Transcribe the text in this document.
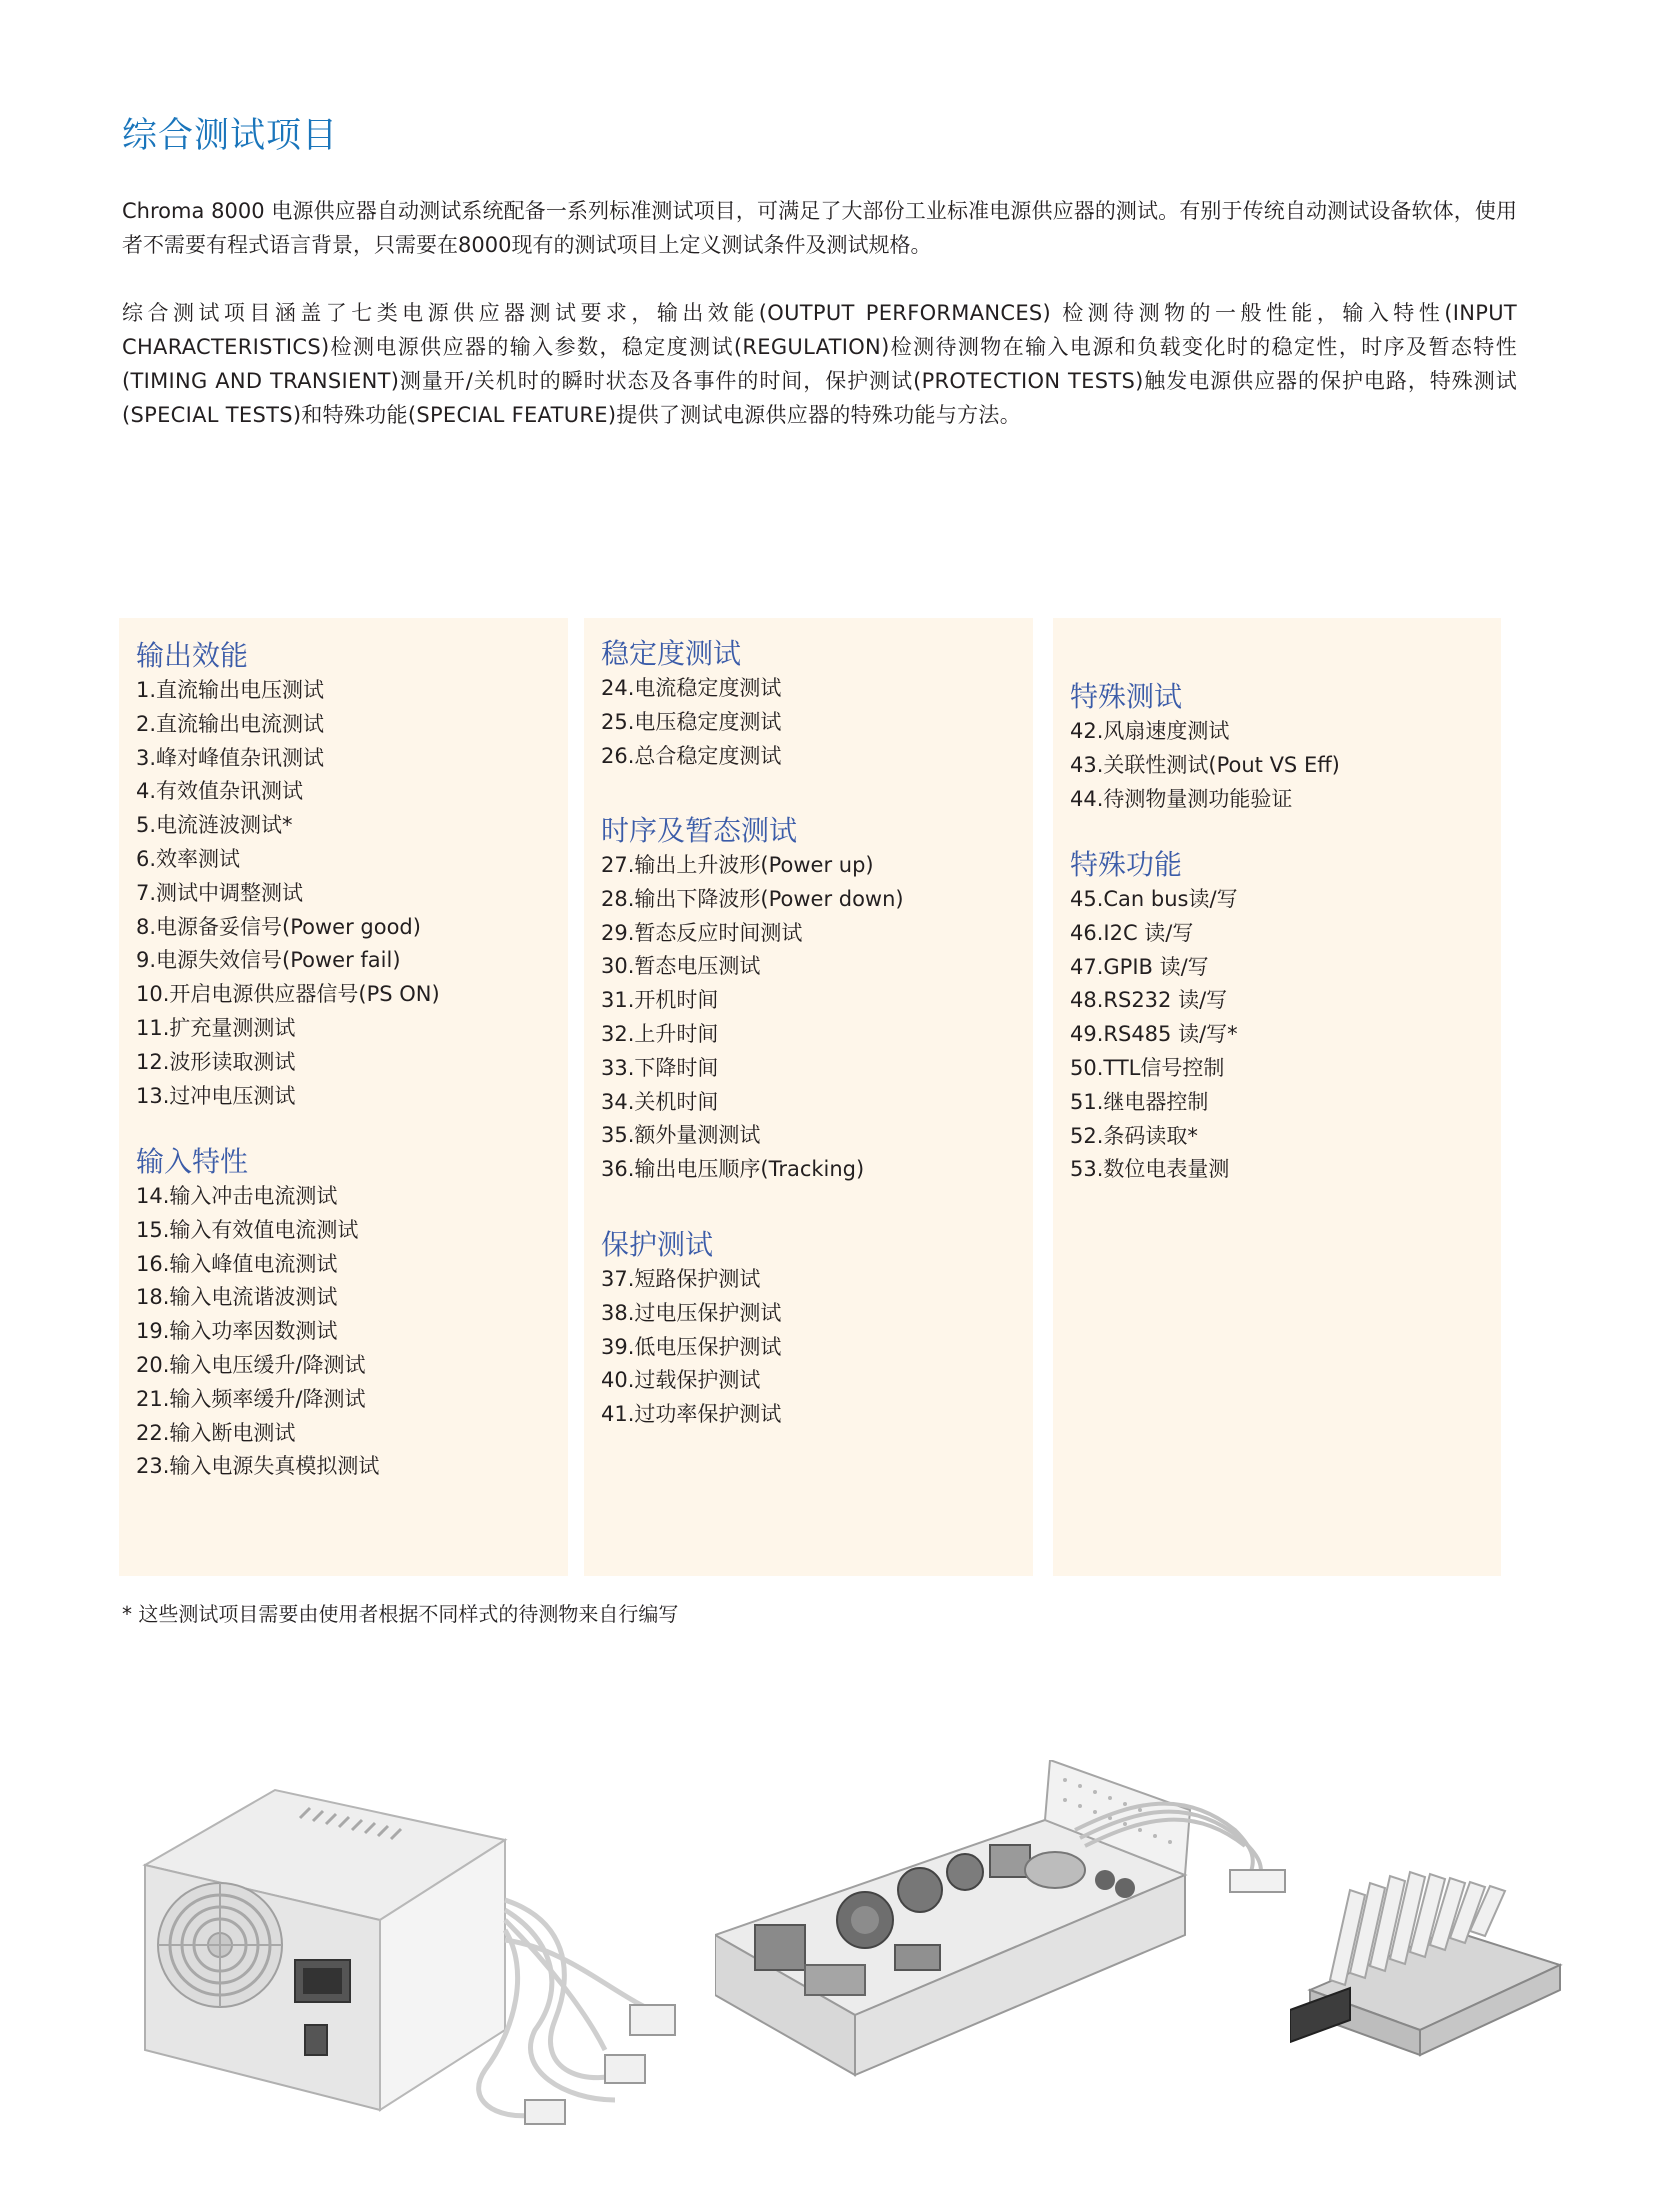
综合测试项目

Chroma 8000 电源供应器自动测试系统配备一系列标准测试项目，可满足了大部份工业标准电源供应器的测试。有别于传统自动测试设备软体，使用者不需要有程式语言背景，只需要在8000现有的测试项目上定义测试条件及测试规格。

综合测试项目涵盖了七类电源供应器测试要求，输出效能(OUTPUT PERFORMANCES) 检测待测物的一般性能，输入特性(INPUT CHARACTERISTICS)检测电源供应器的输入参数，稳定度测试(REGULATION)检测待测物在输入电源和负载变化时的稳定性，时序及暂态特性(TIMING AND TRANSIENT)测量开/关机时的瞬时状态及各事件的时间，保护测试(PROTECTION TESTS)触发电源供应器的保护电路，特殊测试(SPECIAL TESTS)和特殊功能(SPECIAL FEATURE)提供了测试电源供应器的特殊功能与方法。

输出效能
1.直流输出电压测试
2.直流输出电流测试
3.峰对峰值杂讯测试
4.有效值杂讯测试
5.电流涟波测试*
6.效率测试
7.测试中调整测试
8.电源备妥信号(Power good)
9.电源失效信号(Power fail)
10.开启电源供应器信号(PS ON)
11.扩充量测测试
12.波形读取测试
13.过冲电压测试
输入特性
14.输入冲击电流测试
15.输入有效值电流测试
16.输入峰值电流测试
18.输入电流谐波测试
19.输入功率因数测试
20.输入电压缓升/降测试
21.输入频率缓升/降测试
22.输入断电测试
23.输入电源失真模拟测试
稳定度测试
24.电流稳定度测试
25.电压稳定度测试
26.总合稳定度测试
时序及暂态测试
27.输出上升波形(Power up)
28.输出下降波形(Power down)
29.暂态反应时间测试
30.暂态电压测试
31.开机时间
32.上升时间
33.下降时间
34.关机时间
35.额外量测测试
36.输出电压顺序(Tracking)
保护测试
37.短路保护测试
38.过电压保护测试
39.低电压保护测试
40.过载保护测试
41.过功率保护测试
特殊测试
42.风扇速度测试
43.关联性测试(Pout VS Eff)
44.待测物量测功能验证
特殊功能
45.Can bus读/写
46.I2C 读/写
47.GPIB 读/写
48.RS232 读/写
49.RS485 读/写*
50.TTL信号控制
51.继电器控制
52.条码读取*
53.数位电表量测

* 这些测试项目需要由使用者根据不同样式的待测物来自行编写
